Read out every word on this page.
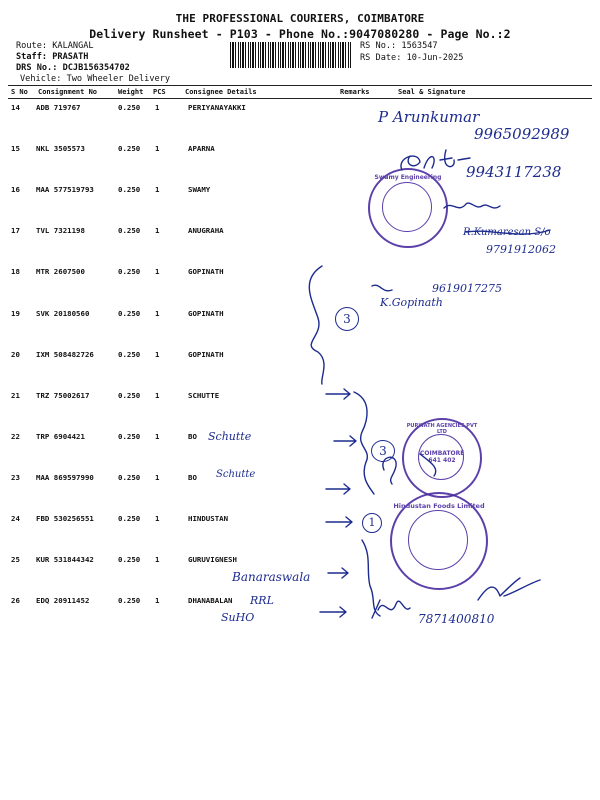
THE PROFESSIONAL COURIERS, COIMBATORE
Delivery Runsheet - P103 - Phone No.:9047080280 - Page No.:2
Route: KALANGAL
Staff: PRASATH
DRS No.: DCJB156354702
Vehicle: Two Wheeler Delivery
RS No.: 1563547
RS Date: 10-Jun-2025
S No Consignment No	Weight PCS	Consignee Details	Remarks	Seal & Signature
14 ADB 719767	0.250 1	PERIYANAYAKKI
15 NKL 3505573	0.250 1	APARNA
16 MAA 577519793	0.250 1	SWAMY
17 TVL 7321198	0.250 1	ANUGRAHA
18 MTR 2607500	0.250 1	GOPINATH
19 SVK 20180560	0.250 1	GOPINATH
20 IXM 508482726	0.250 1	GOPINATH
21 TRZ 75002617	0.250 1	SCHUTTE
22 TRP 6904421	0.250 1	BO
23 MAA 869597990	0.250 1	BO
24 FBD 530256551	0.250 1	HINDUSTAN
25 KUR 531844342	0.250 1	GURUVIGNESH
26 EDQ 20911452	0.250 1	DHANABALAN
P Arunkumar
9965092989
9943117238
R.Kumaresan S/o
9791912062
K.Gopinath
9619017275
Schutte
Schutte
Banaraswala
RRL
SuHO	7871400810
3
3
1
Swamy Engineering
PURWATH AGENCIES PVT LTD
COIMBATORE 641 402
Hindustan Foods Limited
